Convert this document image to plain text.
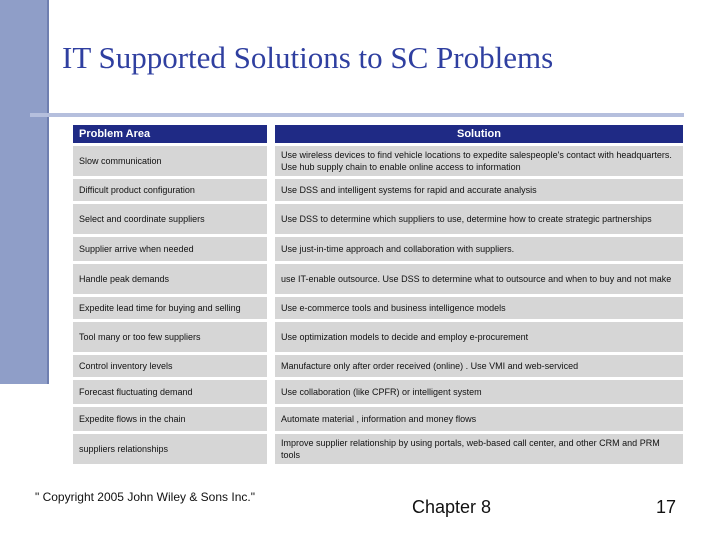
IT Supported Solutions to SC Problems
Problem Area		Solution
Slow communication		Use wireless devices to find vehicle locations to expedite salespeople's contact with headquarters. Use hub supply chain to enable online access to information
Difficult product configuration		Use DSS and intelligent systems for rapid and accurate analysis
Select and coordinate suppliers		Use DSS to determine which suppliers to use, determine how to create strategic partnerships
Supplier arrive when needed		Use just-in-time approach and collaboration with suppliers.
Handle peak demands		use IT-enable outsource. Use DSS to determine what to outsource and when to buy and not make
Expedite lead time for buying and selling		Use e-commerce tools and business intelligence models
Tool many or too few suppliers		Use optimization models to decide and employ e-procurement
Control inventory levels		Manufacture only after order received (online) . Use VMI and web-serviced
Forecast fluctuating demand		Use collaboration (like CPFR) or intelligent system
Expedite flows in the chain		Automate material , information and money flows
suppliers relationships		Improve supplier relationship by using portals, web-based call center, and other CRM and PRM tools
" Copyright 2005 John Wiley & Sons Inc."	Chapter 8	17
